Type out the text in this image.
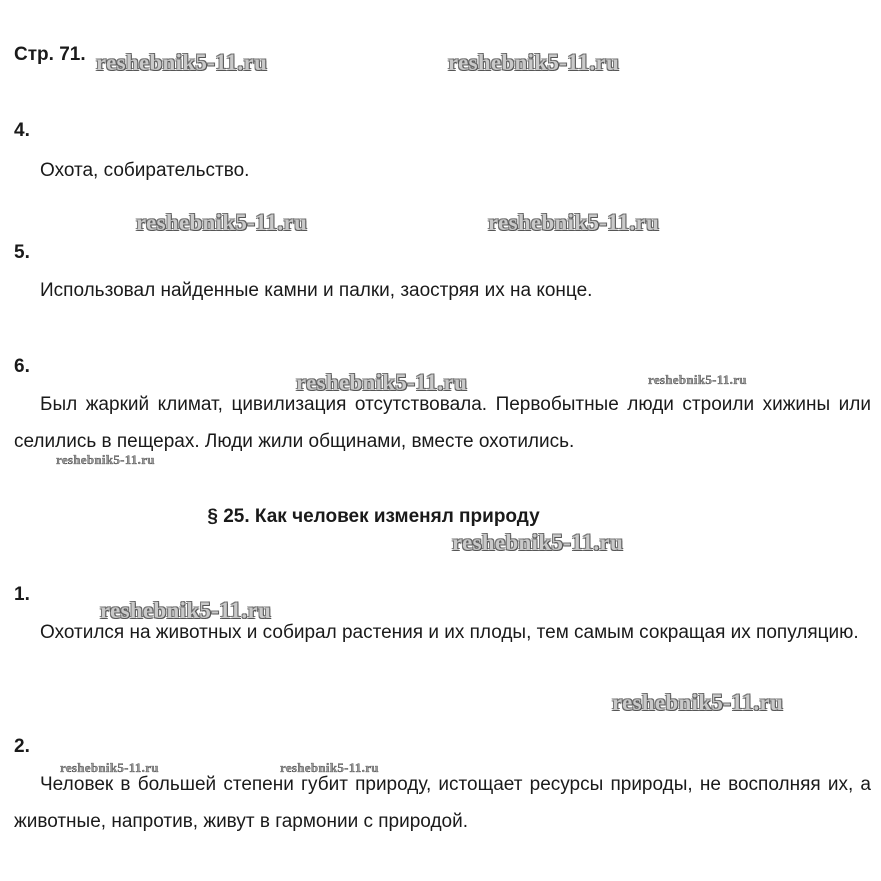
Стр. 71.
4.

Охота, собирательство.

5.

Использовал найденные камни и палки, заостряя их на конце.

6.

Был жаркий климат, цивилизация отсутствовала. Первобытные люди строили хижины или селились в пещерах. Люди жили общинами, вместе охотились.

§ 25. Как человек изменял природу
1.

Охотился на животных и собирал растения и их плоды, тем самым сокращая их популяцию.

2.

Человек в большей степени губит природу, истощает ресурсы природы, не восполняя их, а животные, напротив, живут в гармонии с природой.

reshebnik5-11.ru	reshebnik5-11.ru
reshebnik5-11.ru	reshebnik5-11.ru
reshebnik5-11.ru	reshebnik5-11.ru
reshebnik5-11.ru
reshebnik5-11.ru
reshebnik5-11.ru
reshebnik5-11.ru
reshebnik5-11.ru	reshebnik5-11.ru
